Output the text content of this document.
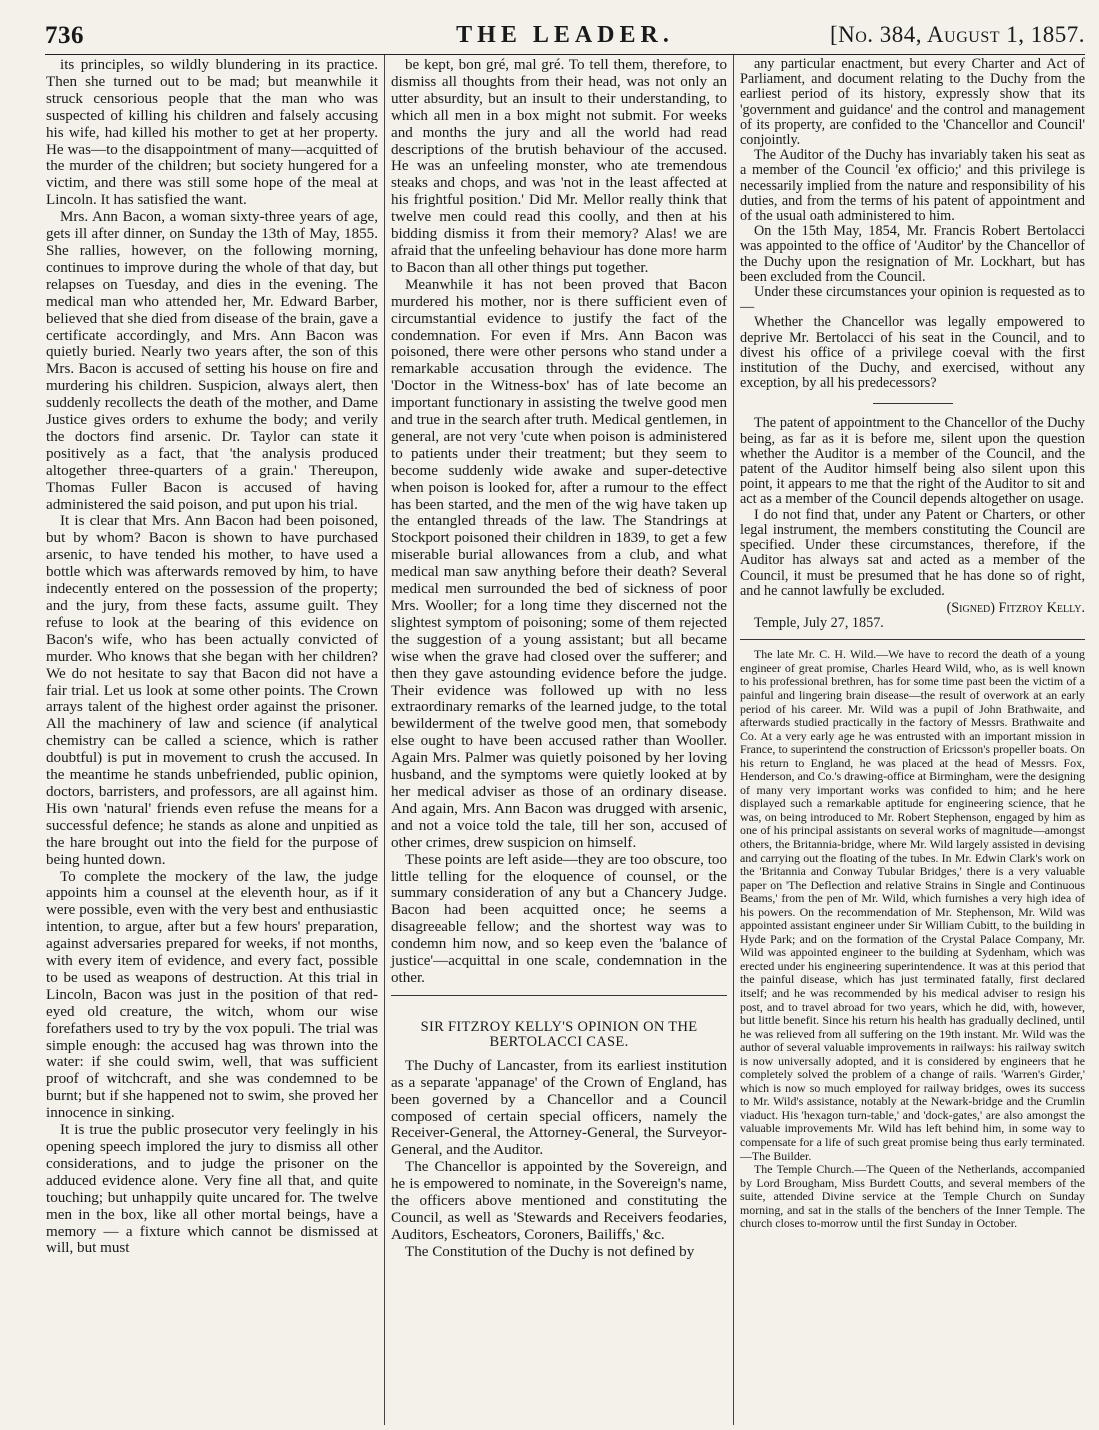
736	THE LEADER.	[No. 384, August 1, 1857.

its principles, so wildly blundering in its practice. Then she turned out to be mad; but meanwhile it struck censorious people that the man who was suspected of killing his children and falsely accusing his wife, had killed his mother to get at her property. He was—to the disappointment of many—acquitted of the murder of the children; but society hungered for a victim, and there was still some hope of the meal at Lincoln. It has satisfied the want.

Mrs. Ann Bacon, a woman sixty-three years of age, gets ill after dinner, on Sunday the 13th of May, 1855. She rallies, however, on the following morning, continues to improve during the whole of that day, but relapses on Tuesday, and dies in the evening. The medical man who attended her, Mr. Edward Barber, believed that she died from disease of the brain, gave a certificate accordingly, and Mrs. Ann Bacon was quietly buried. Nearly two years after, the son of this Mrs. Bacon is accused of setting his house on fire and murdering his children. Suspicion, always alert, then suddenly recollects the death of the mother, and Dame Justice gives orders to exhume the body; and verily the doctors find arsenic. Dr. Taylor can state it positively as a fact, that 'the analysis produced altogether three-quarters of a grain.' Thereupon, Thomas Fuller Bacon is accused of having administered the said poison, and put upon his trial.

It is clear that Mrs. Ann Bacon had been poisoned, but by whom? Bacon is shown to have purchased arsenic, to have tended his mother, to have used a bottle which was afterwards removed by him, to have indecently entered on the possession of the property; and the jury, from these facts, assume guilt. They refuse to look at the bearing of this evidence on Bacon's wife, who has been actually convicted of murder. Who knows that she began with her children? We do not hesitate to say that Bacon did not have a fair trial. Let us look at some other points. The Crown arrays talent of the highest order against the prisoner. All the machinery of law and science (if analytical chemistry can be called a science, which is rather doubtful) is put in movement to crush the accused. In the meantime he stands unbefriended, public opinion, doctors, barristers, and professors, are all against him. His own 'natural' friends even refuse the means for a successful defence; he stands as alone and unpitied as the hare brought out into the field for the purpose of being hunted down.

To complete the mockery of the law, the judge appoints him a counsel at the eleventh hour, as if it were possible, even with the very best and enthusiastic intention, to argue, after but a few hours' preparation, against adversaries prepared for weeks, if not months, with every item of evidence, and every fact, possible to be used as weapons of destruction. At this trial in Lincoln, Bacon was just in the position of that red-eyed old creature, the witch, whom our wise forefathers used to try by the vox populi. The trial was simple enough: the accused hag was thrown into the water: if she could swim, well, that was sufficient proof of witchcraft, and she was condemned to be burnt; but if she happened not to swim, she proved her innocence in sinking.

It is true the public prosecutor very feelingly in his opening speech implored the jury to dismiss all other considerations, and to judge the prisoner on the adduced evidence alone. Very fine all that, and quite touching; but unhappily quite uncared for. The twelve men in the box, like all other mortal beings, have a memory — a fixture which cannot be dismissed at will, but must

be kept, bon gré, mal gré. To tell them, therefore, to dismiss all thoughts from their head, was not only an utter absurdity, but an insult to their understanding, to which all men in a box might not submit. For weeks and months the jury and all the world had read descriptions of the brutish behaviour of the accused. He was an unfeeling monster, who ate tremendous steaks and chops, and was 'not in the least affected at his frightful position.' Did Mr. Mellor really think that twelve men could read this coolly, and then at his bidding dismiss it from their memory? Alas! we are afraid that the unfeeling behaviour has done more harm to Bacon than all other things put together.

Meanwhile it has not been proved that Bacon murdered his mother, nor is there sufficient even of circumstantial evidence to justify the fact of the condemnation. For even if Mrs. Ann Bacon was poisoned, there were other persons who stand under a remarkable accusation through the evidence. The 'Doctor in the Witness-box' has of late become an important functionary in assisting the twelve good men and true in the search after truth. Medical gentlemen, in general, are not very 'cute when poison is administered to patients under their treatment; but they seem to become suddenly wide awake and super-detective when poison is looked for, after a rumour to the effect has been started, and the men of the wig have taken up the entangled threads of the law. The Standrings at Stockport poisoned their children in 1839, to get a few miserable burial allowances from a club, and what medical man saw anything before their death? Several medical men surrounded the bed of sickness of poor Mrs. Wooller; for a long time they discerned not the slightest symptom of poisoning; some of them rejected the suggestion of a young assistant; but all became wise when the grave had closed over the sufferer; and then they gave astounding evidence before the judge. Their evidence was followed up with no less extraordinary remarks of the learned judge, to the total bewilderment of the twelve good men, that somebody else ought to have been accused rather than Wooller. Again Mrs. Palmer was quietly poisoned by her loving husband, and the symptoms were quietly looked at by her medical adviser as those of an ordinary disease. And again, Mrs. Ann Bacon was drugged with arsenic, and not a voice told the tale, till her son, accused of other crimes, drew suspicion on himself.

These points are left aside—they are too obscure, too little telling for the eloquence of counsel, or the summary consideration of any but a Chancery Judge. Bacon had been acquitted once; he seems a disagreeable fellow; and the shortest way was to condemn him now, and so keep even the 'balance of justice'—acquittal in one scale, condemnation in the other.

SIR FITZROY KELLY'S OPINION ON THE BERTOLACCI CASE.

The Duchy of Lancaster, from its earliest institution as a separate 'appanage' of the Crown of England, has been governed by a Chancellor and a Council composed of certain special officers, namely the Receiver-General, the Attorney-General, the Surveyor-General, and the Auditor.

The Chancellor is appointed by the Sovereign, and he is empowered to nominate, in the Sovereign's name, the officers above mentioned and constituting the Council, as well as 'Stewards and Receivers feodaries, Auditors, Escheators, Coroners, Bailiffs,' &c.

The Constitution of the Duchy is not defined by

any particular enactment, but every Charter and Act of Parliament, and document relating to the Duchy from the earliest period of its history, expressly show that its 'government and guidance' and the control and management of its property, are confided to the 'Chancellor and Council' conjointly.

The Auditor of the Duchy has invariably taken his seat as a member of the Council 'ex officio;' and this privilege is necessarily implied from the nature and responsibility of his duties, and from the terms of his patent of appointment and of the usual oath administered to him.

On the 15th May, 1854, Mr. Francis Robert Bertolacci was appointed to the office of 'Auditor' by the Chancellor of the Duchy upon the resignation of Mr. Lockhart, but has been excluded from the Council.

Under these circumstances your opinion is requested as to—

Whether the Chancellor was legally empowered to deprive Mr. Bertolacci of his seat in the Council, and to divest his office of a privilege coeval with the first institution of the Duchy, and exercised, without any exception, by all his predecessors?

The patent of appointment to the Chancellor of the Duchy being, as far as it is before me, silent upon the question whether the Auditor is a member of the Council, and the patent of the Auditor himself being also silent upon this point, it appears to me that the right of the Auditor to sit and act as a member of the Council depends altogether on usage.

I do not find that, under any Patent or Charters, or other legal instrument, the members constituting the Council are specified. Under these circumstances, therefore, if the Auditor has always sat and acted as a member of the Council, it must be presumed that he has done so of right, and he cannot lawfully be excluded.

(Signed) Fitzroy Kelly.

Temple, July 27, 1857.

The late Mr. C. H. Wild.—We have to record the death of a young engineer of great promise, Charles Heard Wild, who, as is well known to his professional brethren, has for some time past been the victim of a painful and lingering brain disease—the result of overwork at an early period of his career. Mr. Wild was a pupil of John Brathwaite, and afterwards studied practically in the factory of Messrs. Brathwaite and Co. At a very early age he was entrusted with an important mission in France, to superintend the construction of Ericsson's propeller boats. On his return to England, he was placed at the head of Messrs. Fox, Henderson, and Co.'s drawing-office at Birmingham, were the designing of many very important works was confided to him; and he here displayed such a remarkable aptitude for engineering science, that he was, on being introduced to Mr. Robert Stephenson, engaged by him as one of his principal assistants on several works of magnitude—amongst others, the Britannia-bridge, where Mr. Wild largely assisted in devising and carrying out the floating of the tubes. In Mr. Edwin Clark's work on the 'Britannia and Conway Tubular Bridges,' there is a very valuable paper on 'The Deflection and relative Strains in Single and Continuous Beams,' from the pen of Mr. Wild, which furnishes a very high idea of his powers. On the recommendation of Mr. Stephenson, Mr. Wild was appointed assistant engineer under Sir William Cubitt, to the building in Hyde Park; and on the formation of the Crystal Palace Company, Mr. Wild was appointed engineer to the building at Sydenham, which was erected under his engineering superintendence. It was at this period that the painful disease, which has just terminated fatally, first declared itself; and he was recommended by his medical adviser to resign his post, and to travel abroad for two years, which he did, with, however, but little benefit. Since his return his health has gradually declined, until he was relieved from all suffering on the 19th instant. Mr. Wild was the author of several valuable improvements in railways: his railway switch is now universally adopted, and it is considered by engineers that he completely solved the problem of a change of rails. 'Warren's Girder,' which is now so much employed for railway bridges, owes its success to Mr. Wild's assistance, notably at the Newark-bridge and the Crumlin viaduct. His 'hexagon turn-table,' and 'dock-gates,' are also amongst the valuable improvements Mr. Wild has left behind him, in some way to compensate for a life of such great promise being thus early terminated.—The Builder.

The Temple Church.—The Queen of the Netherlands, accompanied by Lord Brougham, Miss Burdett Coutts, and several members of the suite, attended Divine service at the Temple Church on Sunday morning, and sat in the stalls of the benchers of the Inner Temple. The church closes to-morrow until the first Sunday in October.
